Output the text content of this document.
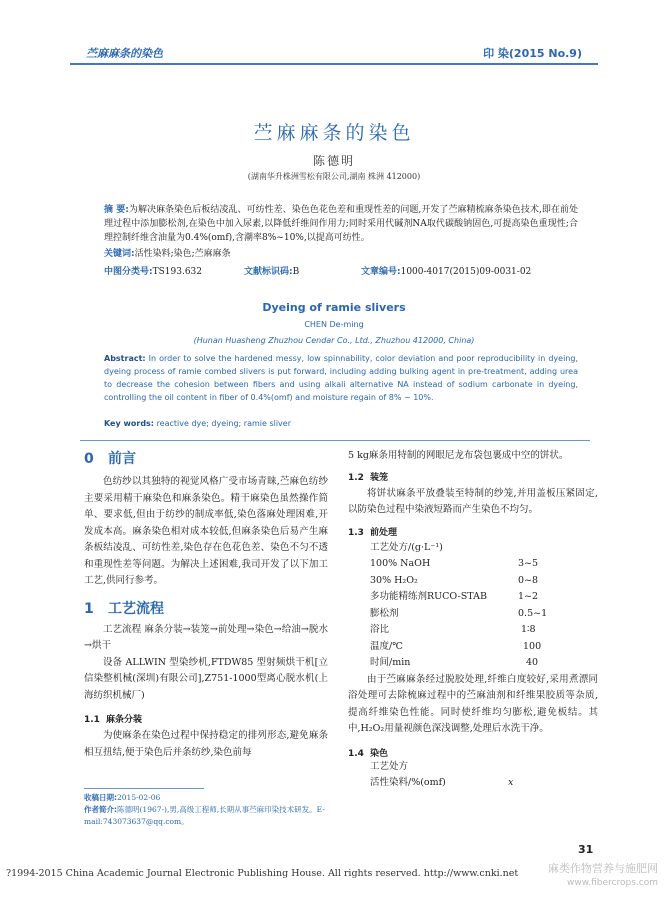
苎麻麻条的染色	印 染(2015 No.9)
苎麻麻条的染色
陈德明
(湖南华升株洲雪松有限公司,湖南 株洲 412000)
摘 要:为解决麻条染色后板结凌乱、可纺性差、染色色花色差和重现性差的问题,开发了苎麻精梳麻条染色技术,即在前处理过程中添加膨松剂,在染色中加入尿素,以降低纤维间作用力;同时采用代碱剂NA取代碳酸钠固色,可提高染色重现性;合理控制纤维含油量为0.4%(omf),含潮率8%~10%,以提高可纺性。
关键词:活性染料;染色;苎麻麻条
中图分类号:TS193.632	文献标识码:B	文章编号:1000-4017(2015)09-0031-02
Dyeing of ramie slivers
CHEN De-ming
(Hunan Huasheng Zhuzhou Cendar Co., Ltd., Zhuzhou 412000, China)
Abstract: In order to solve the hardened messy, low spinnability, color deviation and poor reproducibility in dyeing, dyeing process of ramie combed slivers is put forward, including adding bulking agent in pre-treatment, adding urea to decrease the cohesion between fibers and using alkali alternative NA instead of sodium carbonate in dyeing, controlling the oil content in fiber of 0.4%(omf) and moisture regain of 8% ~ 10%.
Key words: reactive dye; dyeing; ramie sliver
0 前言

色纺纱以其独特的视觉风格广受市场青睐,苎麻色纺纱主要采用精干麻染色和麻条染色。精干麻染色虽然操作简单、要求低,但由于纺纱的制成率低,染色落麻处理困难,开发成本高。麻条染色相对成本较低,但麻条染色后易产生麻条板结凌乱、可纺性差,染色存在色花色差、染色不匀不透和重现性差等问题。为解决上述困难,我司开发了以下加工工艺,供同行参考。

1 工艺流程

工艺流程 麻条分装→装笼→前处理→染色→给油→脱水→烘干

设备 ALLWIN 型染纱机,FTDW85 型射频烘干机[立信染整机械(深圳)有限公司],Z751-1000型离心脱水机(上海纺织机械厂)

1.1 麻条分装

为使麻条在染色过程中保持稳定的排列形态,避免麻条相互扭结,便于染色后并条纺纱,染色前每

5 kg麻条用特制的网眼尼龙布袋包裹成中空的饼状。

1.2 装笼

将饼状麻条平放叠装至特制的纱笼,并用盖板压紧固定,以防染色过程中染液短路而产生染色不均匀。

1.3 前处理
工艺处方/(g·L⁻¹)
100% NaOH	3~5
30% H₂O₂	0~8
多功能精练剂RUCO-STAB	1~2
膨松剂	0.5~1
浴比	1∶8
温度/℃	100
时间/min	40

由于苎麻麻条经过脱胶处理,纤维白度较好,采用煮漂同浴处理可去除梳麻过程中的苎麻油剂和纤维果胶质等杂质,提高纤维染色性能。同时使纤维均匀膨松,避免板结。其中,H₂O₂用量视颜色深浅调整,处理后水洗干净。

1.4 染色
工艺处方
活性染料/%(omf)	x
收稿日期:2015-02-06
作者简介:陈德明(1967-),男,高级工程师,长期从事苎麻印染技术研发。E-mail:743073637@qq.com。
31
?1994-2015 China Academic Journal Electronic Publishing House. All rights reserved. http://www.cnki.net	麻类作物营养与施肥网
www.fibercrops.com
